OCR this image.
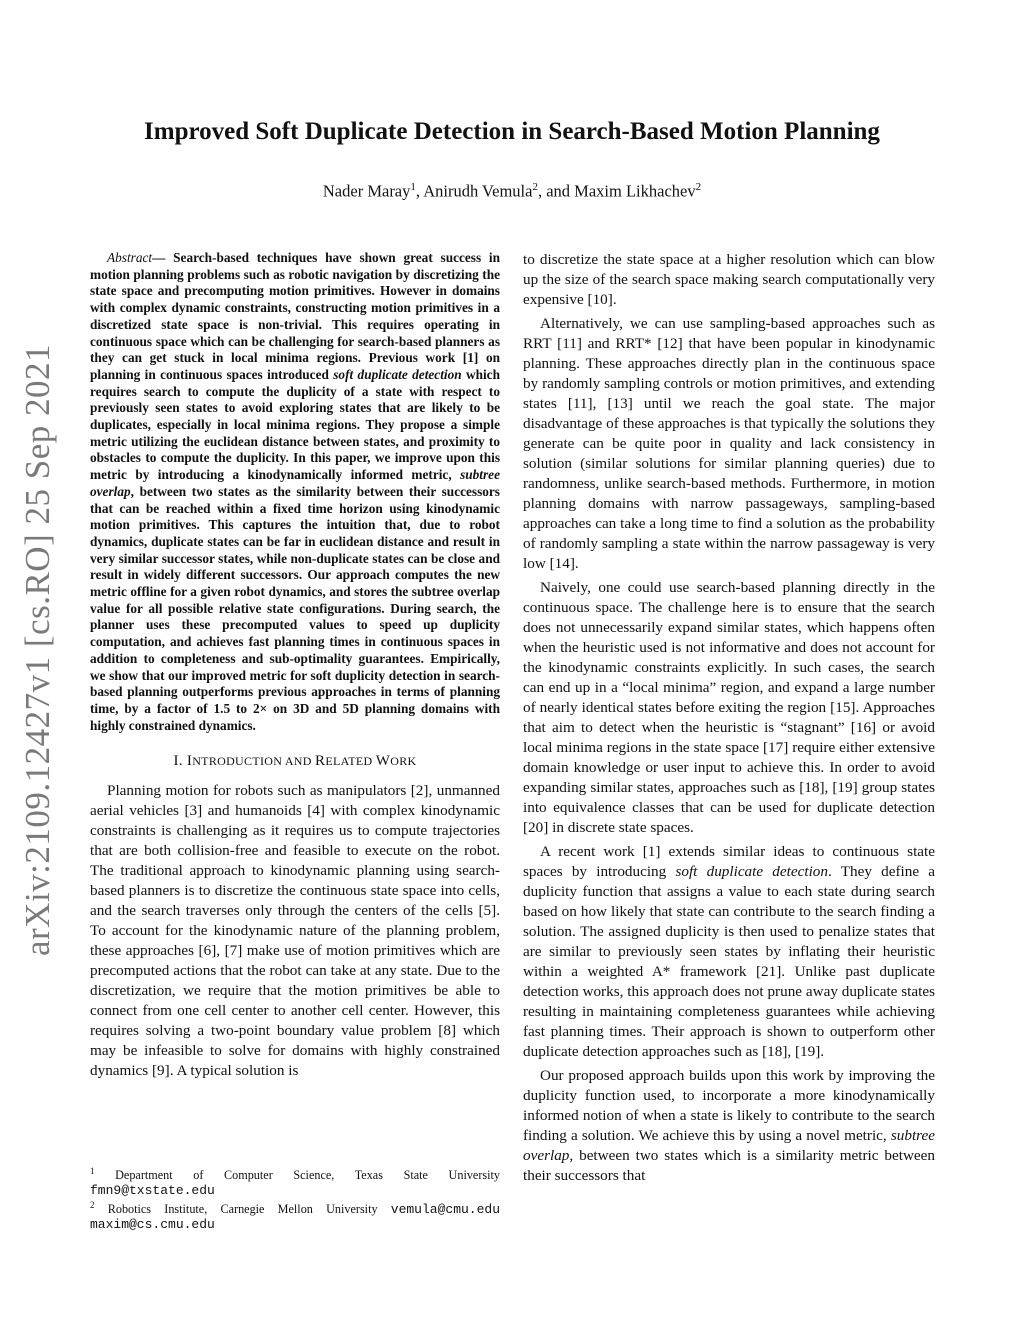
arXiv:2109.12427v1 [cs.RO] 25 Sep 2021
Improved Soft Duplicate Detection in Search-Based Motion Planning
Nader Maray$^1$, Anirudh Vemula$^2$, and Maxim Likhachev$^2$

Abstract— Search-based techniques have shown great success in motion planning problems such as robotic navigation by discretizing the state space and precomputing motion primitives. However in domains with complex dynamic constraints, constructing motion primitives in a discretized state space is non-trivial. This requires operating in continuous space which can be challenging for search-based planners as they can get stuck in local minima regions. Previous work [1] on planning in continuous spaces introduced soft duplicate detection which requires search to compute the duplicity of a state with respect to previously seen states to avoid exploring states that are likely to be duplicates, especially in local minima regions. They propose a simple metric utilizing the euclidean distance between states, and proximity to obstacles to compute the duplicity. In this paper, we improve upon this metric by introducing a kinodynamically informed metric, subtree overlap, between two states as the similarity between their successors that can be reached within a fixed time horizon using kinodynamic motion primitives. This captures the intuition that, due to robot dynamics, duplicate states can be far in euclidean distance and result in very similar successor states, while non-duplicate states can be close and result in widely different successors. Our approach computes the new metric offline for a given robot dynamics, and stores the subtree overlap value for all possible relative state configurations. During search, the planner uses these precomputed values to speed up duplicity computation, and achieves fast planning times in continuous spaces in addition to completeness and sub-optimality guarantees. Empirically, we show that our improved metric for soft duplicity detection in search-based planning outperforms previous approaches in terms of planning time, by a factor of 1.5 to 2× on 3D and 5D planning domains with highly constrained dynamics.

I. INTRODUCTION AND RELATED WORK

Planning motion for robots such as manipulators [2], unmanned aerial vehicles [3] and humanoids [4] with complex kinodynamic constraints is challenging as it requires us to compute trajectories that are both collision-free and feasible to execute on the robot. The traditional approach to kinodynamic planning using search-based planners is to discretize the continuous state space into cells, and the search traverses only through the centers of the cells [5]. To account for the kinodynamic nature of the planning problem, these approaches [6], [7] make use of motion primitives which are precomputed actions that the robot can take at any state. Due to the discretization, we require that the motion primitives be able to connect from one cell center to another cell center. However, this requires solving a two-point boundary value problem [8] which may be infeasible to solve for domains with highly constrained dynamics [9]. A typical solution is

to discretize the state space at a higher resolution which can blow up the size of the search space making search computationally very expensive [10].

Alternatively, we can use sampling-based approaches such as RRT [11] and RRT* [12] that have been popular in kinodynamic planning. These approaches directly plan in the continuous space by randomly sampling controls or motion primitives, and extending states [11], [13] until we reach the goal state. The major disadvantage of these approaches is that typically the solutions they generate can be quite poor in quality and lack consistency in solution (similar solutions for similar planning queries) due to randomness, unlike search-based methods. Furthermore, in motion planning domains with narrow passageways, sampling-based approaches can take a long time to find a solution as the probability of randomly sampling a state within the narrow passageway is very low [14].

Naively, one could use search-based planning directly in the continuous space. The challenge here is to ensure that the search does not unnecessarily expand similar states, which happens often when the heuristic used is not informative and does not account for the kinodynamic constraints explicitly. In such cases, the search can end up in a “local minima” region, and expand a large number of nearly identical states before exiting the region [15]. Approaches that aim to detect when the heuristic is “stagnant” [16] or avoid local minima regions in the state space [17] require either extensive domain knowledge or user input to achieve this. In order to avoid expanding similar states, approaches such as [18], [19] group states into equivalence classes that can be used for duplicate detection [20] in discrete state spaces.

A recent work [1] extends similar ideas to continuous state spaces by introducing soft duplicate detection. They define a duplicity function that assigns a value to each state during search based on how likely that state can contribute to the search finding a solution. The assigned duplicity is then used to penalize states that are similar to previously seen states by inflating their heuristic within a weighted A* framework [21]. Unlike past duplicate detection works, this approach does not prune away duplicate states resulting in maintaining completeness guarantees while achieving fast planning times. Their approach is shown to outperform other duplicate detection approaches such as [18], [19].

Our proposed approach builds upon this work by improving the duplicity function used, to incorporate a more kinodynamically informed notion of when a state is likely to contribute to the search finding a solution. We achieve this by using a novel metric, subtree overlap, between two states which is a similarity metric between their successors that

$^1$ Department of Computer Science, Texas State University fmn9@txstate.edu

$^2$ Robotics Institute, Carnegie Mellon University vemula@cmu.edu maxim@cs.cmu.edu
